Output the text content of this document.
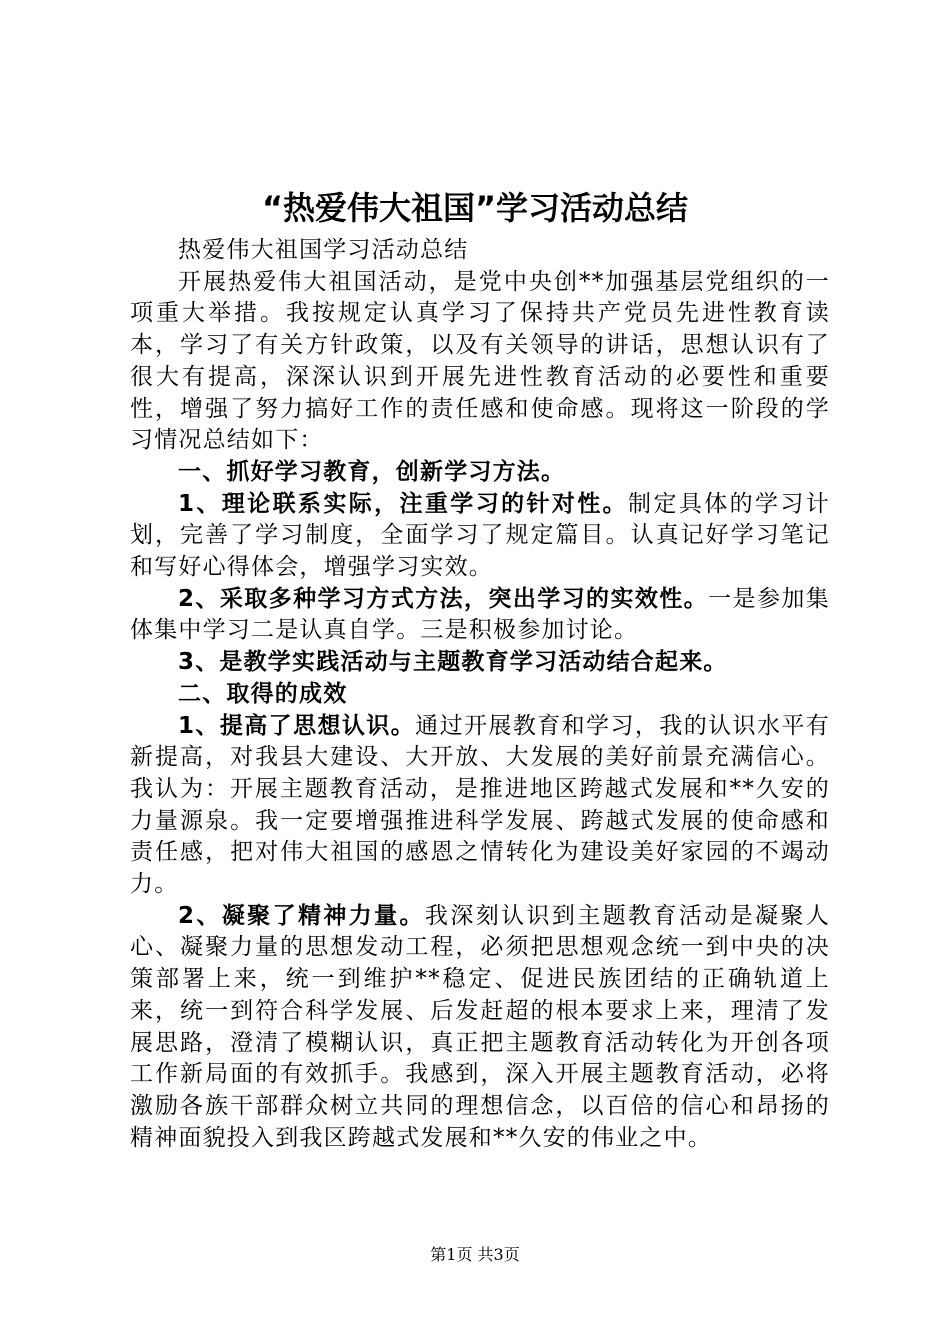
“热爱伟大祖国”学习活动总结

热爱伟大祖国学习活动总结

开展热爱伟大祖国活动，是党中央创**加强基层党组织的一项重大举措。我按规定认真学习了保持共产党员先进性教育读本，学习了有关方针政策，以及有关领导的讲话，思想认识有了很大有提高，深深认识到开展先进性教育活动的必要性和重要性，增强了努力搞好工作的责任感和使命感。现将这一阶段的学习情况总结如下：

一、抓好学习教育，创新学习方法。

1、理论联系实际，注重学习的针对性。制定具体的学习计划，完善了学习制度，全面学习了规定篇目。认真记好学习笔记和写好心得体会，增强学习实效。

2、采取多种学习方式方法，突出学习的实效性。一是参加集体集中学习二是认真自学。三是积极参加讨论。

3、是教学实践活动与主题教育学习活动结合起来。

二、取得的成效

1、提高了思想认识。通过开展教育和学习，我的认识水平有新提高，对我县大建设、大开放、大发展的美好前景充满信心。我认为：开展主题教育活动，是推进地区跨越式发展和**久安的力量源泉。我一定要增强推进科学发展、跨越式发展的使命感和责任感，把对伟大祖国的感恩之情转化为建设美好家园的不竭动力。

2、凝聚了精神力量。我深刻认识到主题教育活动是凝聚人心、凝聚力量的思想发动工程，必须把思想观念统一到中央的决策部署上来，统一到维护**稳定、促进民族团结的正确轨道上来，统一到符合科学发展、后发赶超的根本要求上来，理清了发展思路，澄清了模糊认识，真正把主题教育活动转化为开创各项工作新局面的有效抓手。我感到，深入开展主题教育活动，必将激励各族干部群众树立共同的理想信念，以百倍的信心和昂扬的精神面貌投入到我区跨越式发展和**久安的伟业之中。

第1页 共3页
